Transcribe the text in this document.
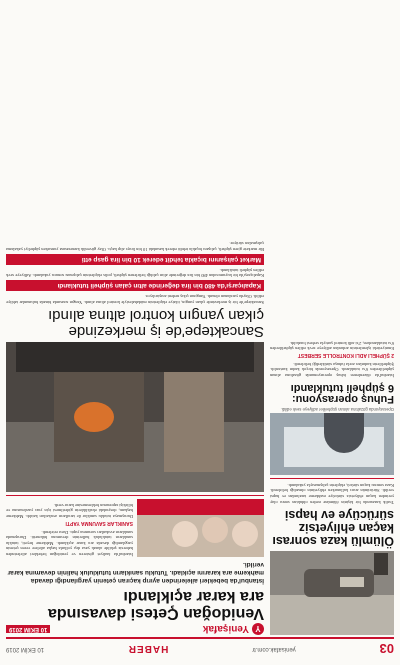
03
yenisafak.com.tr
HABER
10 EKİM 2019
Ölümlü kaza sonrası
kaçan ehliyetsiz
sürücüye ev hapsi
Trafik kazasında bir kişinin ölümüne neden olduktan sonra olay yerinden kaçan ehliyetsiz sürücüye mahkeme tarafından ev hapsi verildi. Sürücünün aracı kullanırken ehliyetinin olmadığı belirlendi. Kaza sonrası kaçan sürücü, ekiplerin çalışmasıyla yakalandı.
Operasyonda gözaltına alınan şüpheliler adliyeye sevk edildi.
Fuhuş operasyonu:
6 şüpheli tutuklandı
İstanbul'da düzenlenen fuhuş operasyonunda gözaltına alınan şüphelilerden 6'sı tutuklandı. Operasyonda birçok kadın kurtarıldı. Şüphelilerin kadınları zorla fuhuşa sürüklediği belirlendi.
2 ŞÜPHELI ADLI KONTROLLE SERBEST
Emniyetteki işlemlerinin ardından adliyeye sevk edilen şüphelilerden 6'sı tutuklanırken, 2'si adli kontrol şartıyla serbest bırakıldı.
Y
Yenişafak
10 EKİM 2019
Venidoğan Çetesi davasında
ara karar açıklandı
İstanbul'da bebekleri ailelerinden ayırıp kaçıran çetenin yargılandığı davada mahkeme ara kararını açıkladı. Tutuklu sanıkların tutukluluk halinin devamına karar verildi.
İstanbul'da faaliyet gösteren ve yenidoğan bebekleri ailelerinden habersiz şekilde alarak yasa dışı yollarla başka ailelere veren çetenin yargılandığı davada ara karar açıklandı. Mahkeme heyeti, tutuklu sanıkların tutukluluk hallerinin devamına hükmetti. Duruşmada sanıkların avukatları savunma yaptı. Dava ertelendi.
SANIKLAR SAVUNMA YAPTI
Duruşmaya tutuklu sanıklar ile tarafların avukatları katıldı. Mahkeme başkanı, dosyadaki eksikliklerin giderilmesi için yazı yazılmasına ve bilirkişi raporunun beklenmesine karar verdi.
Sancaktepe'de iş merkezinde
çıkan yangın kontrol altına alındı
Sancaktepe'de bir iş merkezinde çıkan yangın, itfaiye ekiplerinin müdahalesiyle kontrol altına alındı. Yangın sırasında binada bulunanlar tahliye edildi. Olayda yaralanan olmadı. Yangının çıkış nedeni araştırılıyor.
Kapalıçarşı'da 480 bin lira değerinde altın çalan şüpheli tutuklandı
Kapalıçarşı'da bir kuyumcudan 480 bin lira değerinde altın çaldığı belirlenen şüpheli, polis ekiplerinin çalışması sonucu yakalandı. Adliyeye sevk edilen şüpheli tutuklandı.
Market çalışanını bıçakla tehdit ederek 10 bin lira gasp etti
Bir markete giren şüpheli, çalışanı bıçakla tehdit ederek kasadaki 10 bin lirayı alıp kaçtı. Olay güvenlik kamerasına yansırken şüpheliyi yakalama çalışmaları sürüyor.
